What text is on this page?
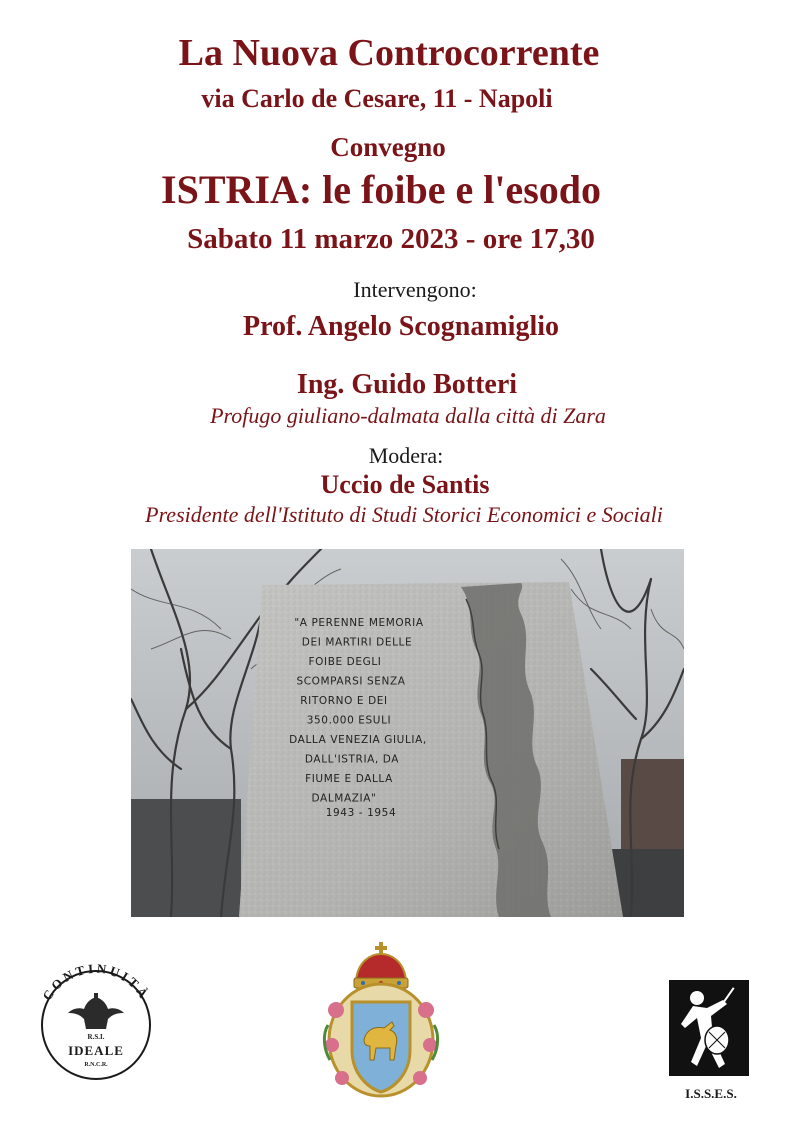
La Nuova Controcorrente
via Carlo de Cesare, 11 - Napoli
Convegno
ISTRIA: le foibe e l'esodo
Sabato 11 marzo 2023 - ore 17,30
Intervengono:
Prof. Angelo Scognamiglio
Ing. Guido Botteri
Profugo giuliano-dalmata dalla città di Zara
Modera:
Uccio de Santis
Presidente dell'Istituto di Studi Storici Economici e Sociali
"A PERENNE MEMORIA
DEI MARTIRI DELLE
FOIBE DEGLI
SCOMPARSI SENZA
RITORNO E DEI
350.000 ESULI
DALLA VENEZIA GIULIA,
DALL'ISTRIA, DA
FIUME E DALLA
DALMAZIA"
1943 - 1954
CONTINUITÀ
R.S.I.
IDEALE
R.N.C.R.
I.S.S.E.S.
